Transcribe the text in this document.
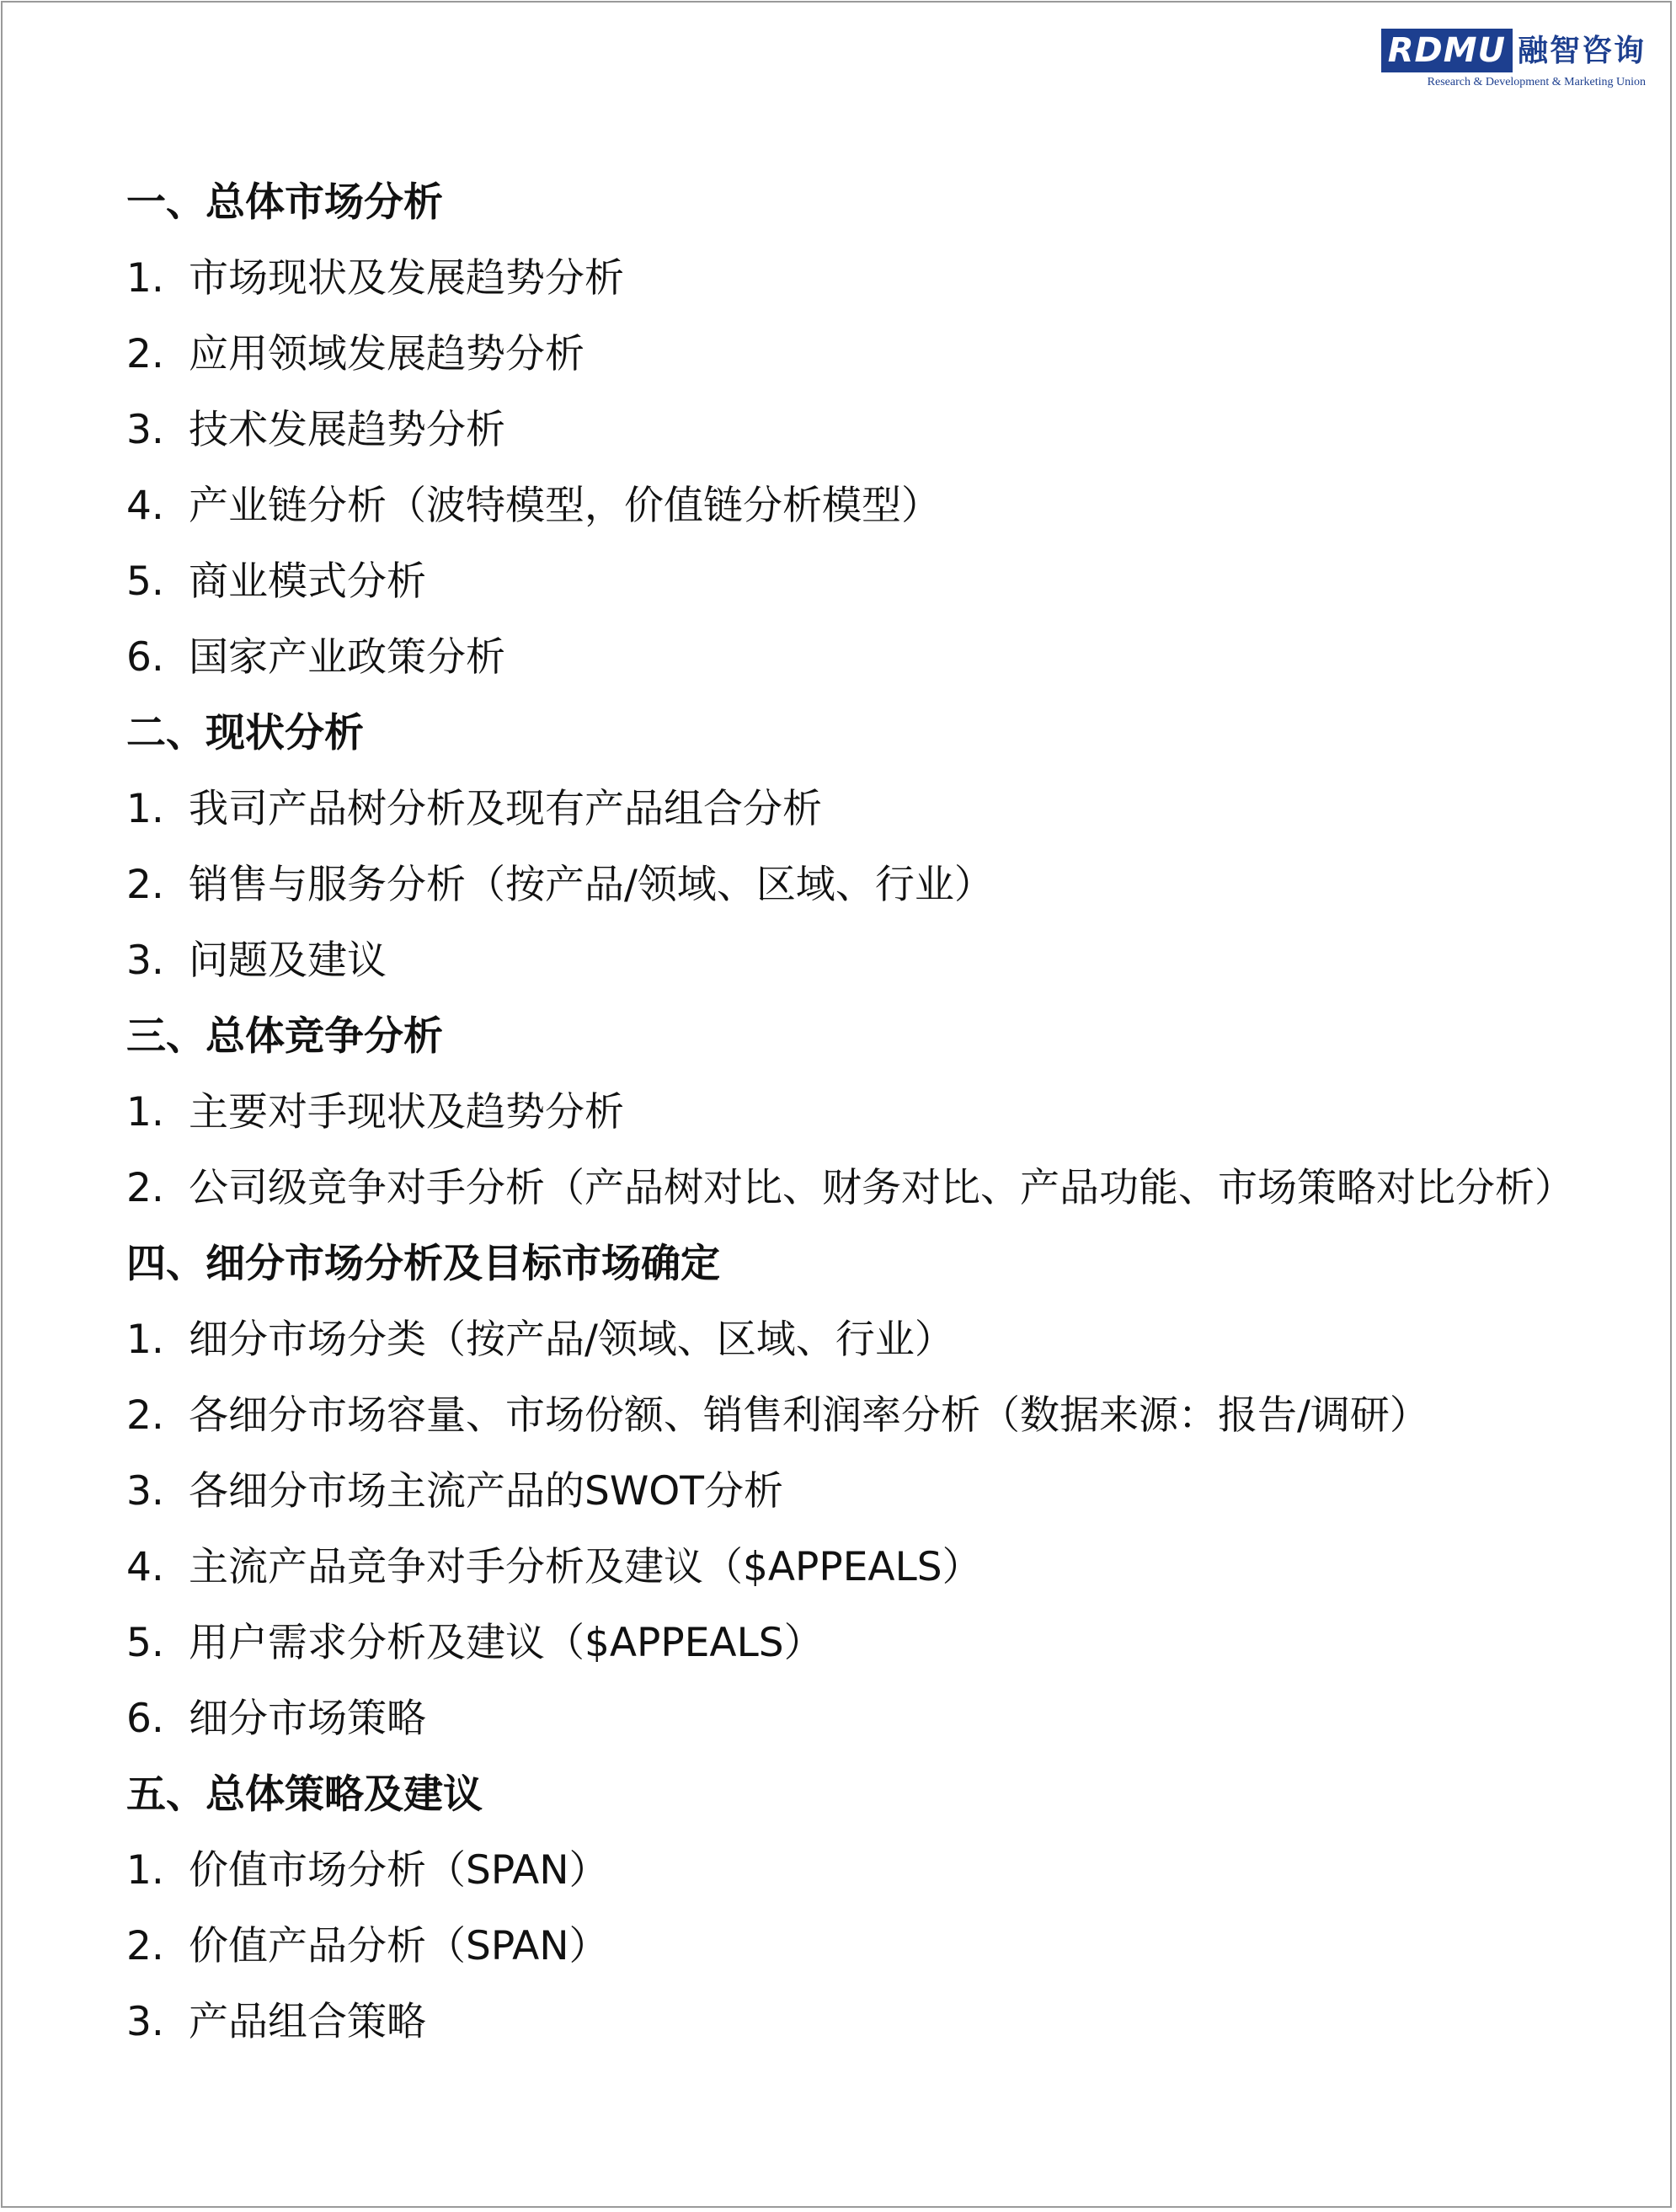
RDMU 融智咨询
Research & Development & Marketing Union
一、总体市场分析
1. 市场现状及发展趋势分析
2. 应用领域发展趋势分析
3. 技术发展趋势分析
4. 产业链分析（波特模型，价值链分析模型）
5. 商业模式分析
6. 国家产业政策分析
二、现状分析
1. 我司产品树分析及现有产品组合分析
2. 销售与服务分析（按产品/领域、区域、行业）
3. 问题及建议
三、总体竞争分析
1. 主要对手现状及趋势分析
2. 公司级竞争对手分析（产品树对比、财务对比、产品功能、市场策略对比分析）
四、细分市场分析及目标市场确定
1. 细分市场分类（按产品/领域、区域、行业）
2. 各细分市场容量、市场份额、销售利润率分析（数据来源：报告/调研）
3. 各细分市场主流产品的SWOT分析
4. 主流产品竞争对手分析及建议（$APPEALS）
5. 用户需求分析及建议（$APPEALS）
6. 细分市场策略
五、总体策略及建议
1. 价值市场分析（SPAN）
2. 价值产品分析（SPAN）
3. 产品组合策略
